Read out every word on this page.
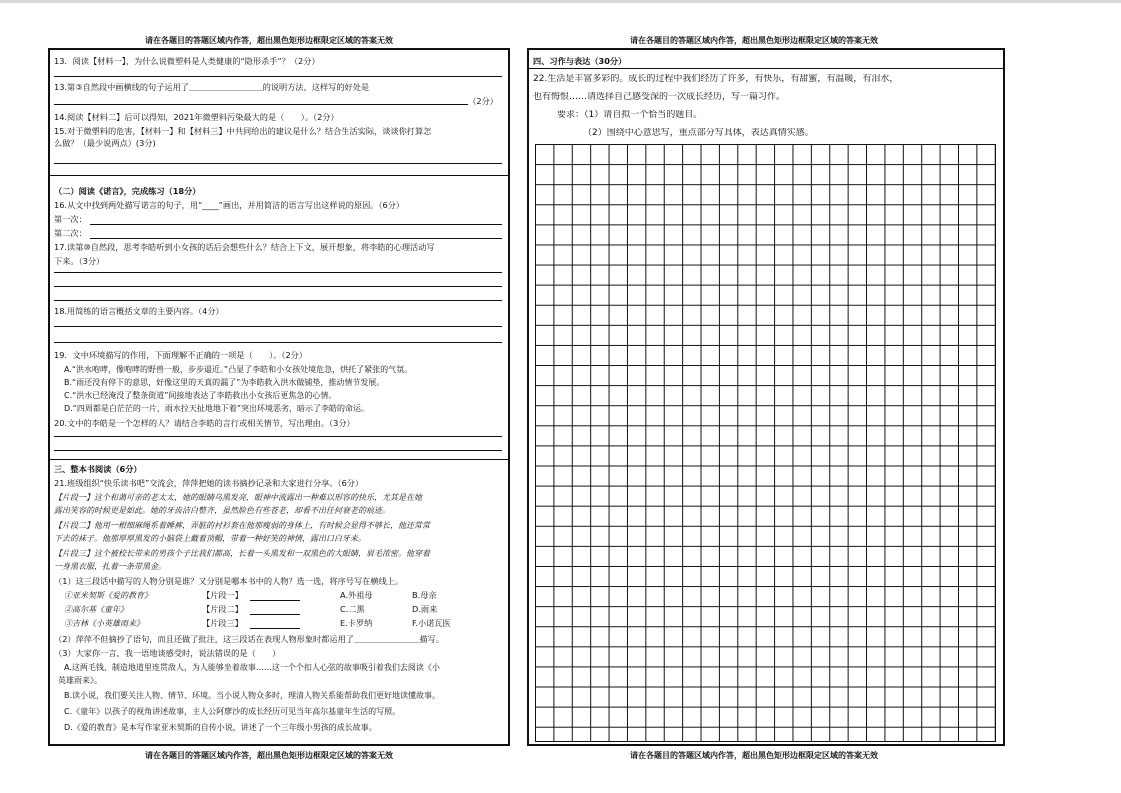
请在各题目的答题区域内作答，超出黑色矩形边框限定区域的答案无效	请在各题目的答题区域内作答，超出黑色矩形边框限定区域的答案无效
请在各题目的答题区域内作答，超出黑色矩形边框限定区域的答案无效	请在各题目的答题区域内作答，超出黑色矩形边框限定区域的答案无效
13．阅读【材料一】，为什么说微塑料是人类健康的“隐形杀手”？（2分）
13.第③自然段中画横线的句子运用了＿＿＿＿＿＿＿＿＿的说明方法，这样写的好处是
＿（2分）
14.阅读【材料二】后可以得知，2021年微塑料污染最大的是（　　）。（2分）
15.对于微塑料的危害，【材料一】和【材料三】中共同给出的建议是什么？结合生活实际，谈谈你打算怎
么做？（最少说两点）(3分)
（二）阅读《诺言》，完成练习（18分）
16.从文中找到两处描写诺言的句子，用“____”画出，并用简洁的语言写出这样说的原因。（6分）
第一次：
第二次：
17.读第⑩自然段，思考李皓听到小女孩的话后会想些什么？结合上下文，展开想象，将李皓的心理活动写
下来。（3分）
18.用简练的语言概括文章的主要内容。（4分）
19．文中环境描写的作用，下面理解不正确的一项是（　　）。（2分）
A.“洪水咆哮，像咆哮的野兽一般，步步逼近。”凸显了李皓和小女孩处境危急，烘托了紧张的气氛。
B.“雨还没有停下的意思，好像这里的天真的漏了”为李皓救入洪水做铺垫，推动情节发展。
C.“洪水已经淹没了整条街道”间接地表达了李皓救出小女孩后更焦急的心情。
D.“四周都是白茫茫的一片，雨水拉天扯地地下着”突出环境恶劣，暗示了李皓的命运。
20.文中的李皓是一个怎样的人？请结合李皓的言行或相关情节，写出理由。（3分）
三、整本书阅读（6分）
21.班级组织“快乐读书吧”交流会，萍萍把她的读书摘抄记录和大家进行分享。（6分）
【片段一】这个和蔼可亲的老太太，她的眼睛乌黑发亮，眼神中流露出一种难以形容的快乐，尤其是在她
露出笑容的时候更是如此。她的牙齿洁白整齐，虽然脸色有些苍老，却看不出任何衰老的痕迹。
【片段二】他用一根细麻绳系着睡裤，弄脏的衬衫套在他那瘦弱的身体上，有时候会显得不够长，他还常常
下去的袜子。他那厚厚黑发的小脑袋上戴着顶帽，带着一种好笑的神情，露出口白牙来。
【片段三】这个被校长带来的男孩个子比我们都高，长着一头黑发和一双黑色的大眼睛，眉毛浓密。他穿着
一身黑衣服，扎着一条带黑金。
（1）这三段话中描写的人物分别是谁？又分别是哪本书中的人物？选一选，将序号写在横线上。
①亚米契斯《爱的教育》	【片段一】	A.外祖母	B.母亲
②高尔基《童年》	【片段二】	C.二黑	D.雨来
③吉林《小英雄雨来》	【片段三】	E.卡罗纳	F.小诺瓦医
（2）萍萍不但摘抄了语句，而且还做了批注，这三段话在表现人物形象时都运用了＿＿＿＿＿＿＿＿描写。
（3）大家你一言，我一语地谈感受时，说法错误的是（　　）
A.这两毛钱、制造地道里连贯敌人，为人能够坐着故事……这一个个扣人心弦的故事吸引着我们去阅读《小
英雄雨来》。
B.读小说，我们要关注人物、情节、环境。当小说人物众多时，理清人物关系能帮助我们更好地读懂故事。
C.《童年》以孩子的视角讲述故事，主人公阿廖沙的成长经历可见当年高尔基童年生活的写照。
D.《爱的教育》是本写作家亚米契斯的自传小说，讲述了一个三年级小男孩的成长故事。
四、习作与表达（30分）
22.生活是丰富多彩的。成长的过程中我们经历了许多，有快乐，有甜蜜，有温暖，有泪水，
也有悔恨……请选择自己感受深的一次成长经历，写一篇习作。
要求：（1）请自拟一个恰当的题目。
（2）围绕中心意思写，重点部分写具体，表达真情实感。
